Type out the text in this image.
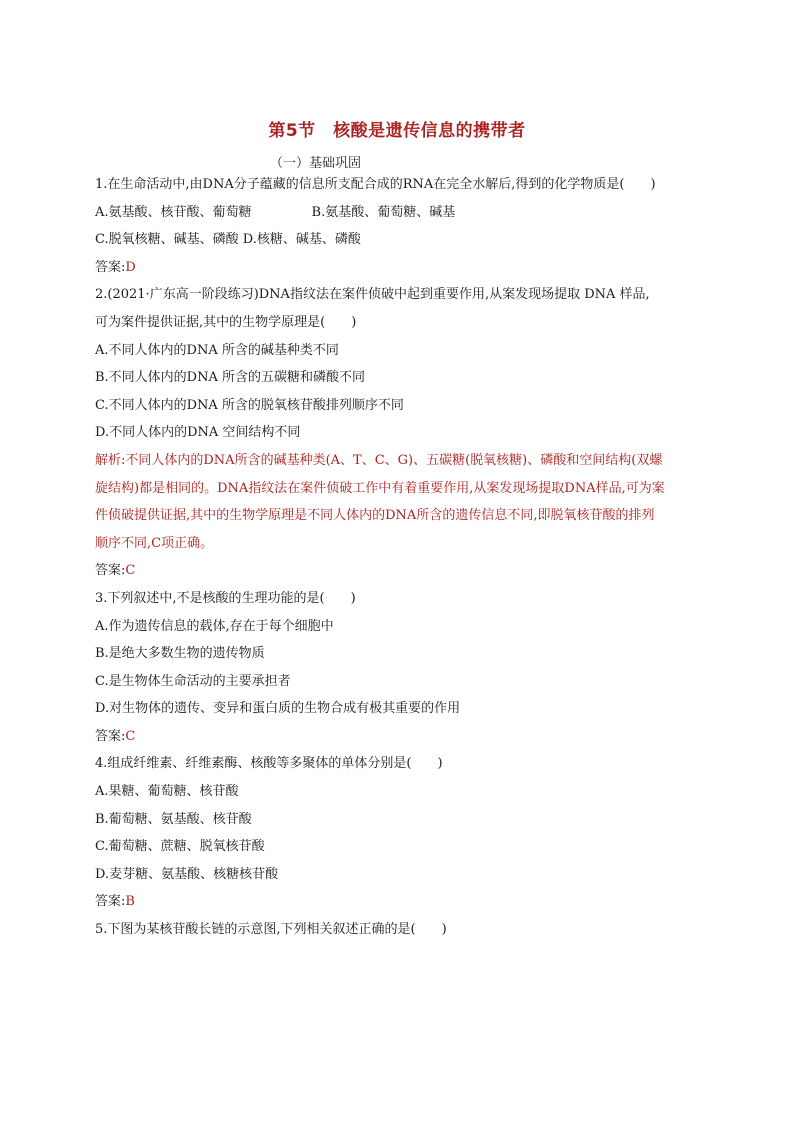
第5节　核酸是遗传信息的携带者
（一）基础巩固
1.在生命活动中,由DNA分子蕴藏的信息所支配合成的RNA在完全水解后,得到的化学物质是(　　)
A.氨基酸、核苷酸、葡萄糖	B.氨基酸、葡萄糖、碱基
C.脱氧核糖、碱基、磷酸 D.核糖、碱基、磷酸
答案:D
2.(2021·广东高一阶段练习)DNA指纹法在案件侦破中起到重要作用,从案发现场提取 DNA 样品,
可为案件提供证据,其中的生物学原理是(　　)
A.不同人体内的DNA 所含的碱基种类不同
B.不同人体内的DNA 所含的五碳糖和磷酸不同
C.不同人体内的DNA 所含的脱氧核苷酸排列顺序不同
D.不同人体内的DNA 空间结构不同
解析:不同人体内的DNA所含的碱基种类(A、T、C、G)、五碳糖(脱氧核糖)、磷酸和空间结构(双螺
旋结构)都是相同的。DNA指纹法在案件侦破工作中有着重要作用,从案发现场提取DNA样品,可为案
件侦破提供证据,其中的生物学原理是不同人体内的DNA所含的遗传信息不同,即脱氧核苷酸的排列
顺序不同,C项正确。
答案:C
3.下列叙述中,不是核酸的生理功能的是(　　)
A.作为遗传信息的载体,存在于每个细胞中
B.是绝大多数生物的遗传物质
C.是生物体生命活动的主要承担者
D.对生物体的遗传、变异和蛋白质的生物合成有极其重要的作用
答案:C
4.组成纤维素、纤维素酶、核酸等多聚体的单体分别是(　　)
A.果糖、葡萄糖、核苷酸
B.葡萄糖、氨基酸、核苷酸
C.葡萄糖、蔗糖、脱氧核苷酸
D.麦芽糖、氨基酸、核糖核苷酸
答案:B
5.下图为某核苷酸长链的示意图,下列相关叙述正确的是(　　)
